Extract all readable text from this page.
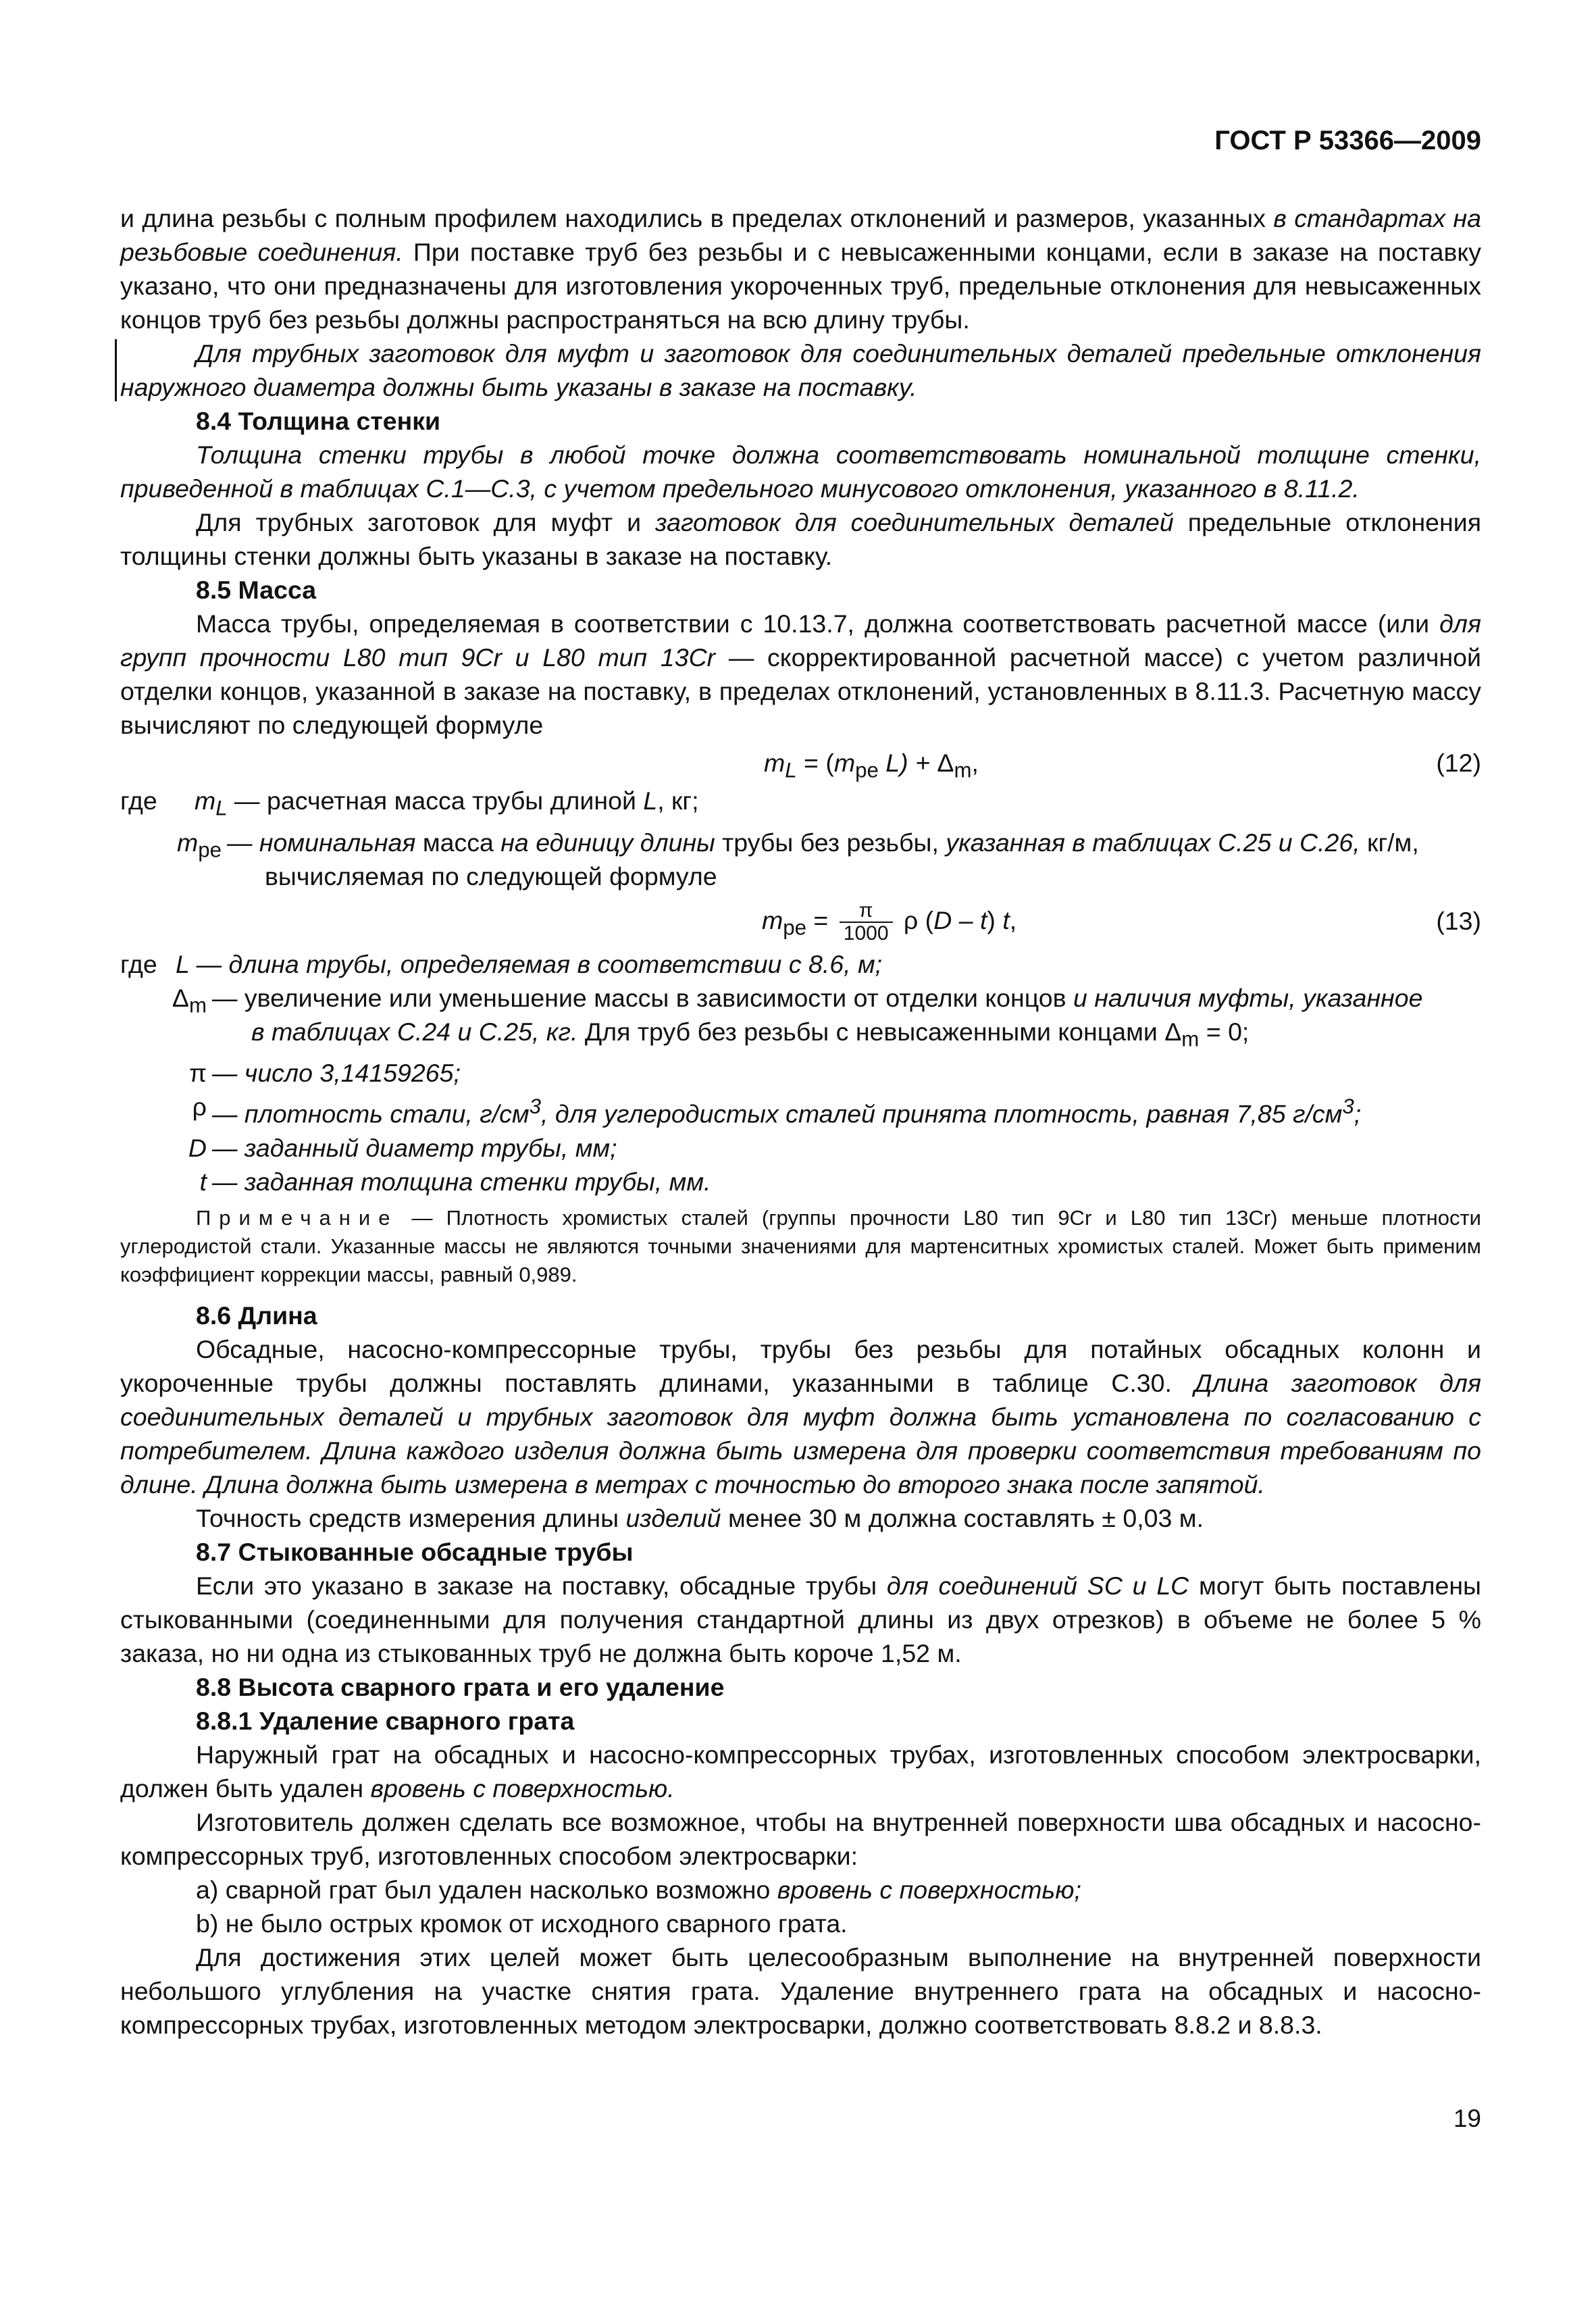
ГОСТ Р 53366—2009

и длина резьбы с полным профилем находились в пределах отклонений и размеров, указанных в стандартах на резьбовые соединения. При поставке труб без резьбы и с невысаженными концами, если в заказе на поставку указано, что они предназначены для изготовления укороченных труб, предельные отклонения для невысаженных концов труб без резьбы должны распространяться на всю длину трубы.

Для трубных заготовок для муфт и заготовок для соединительных деталей предельные отклонения наружного диаметра должны быть указаны в заказе на поставку.

8.4 Толщина стенки

Толщина стенки трубы в любой точке должна соответствовать номинальной толщине стенки, приведенной в таблицах С.1—С.3, с учетом предельного минусового отклонения, указанного в 8.11.2.

Для трубных заготовок для муфт и заготовок для соединительных деталей предельные отклонения толщины стенки должны быть указаны в заказе на поставку.

8.5 Масса

Масса трубы, определяемая в соответствии с 10.13.7, должна соответствовать расчетной массе (или для групп прочности L80 тип 9Cr и L80 тип 13Cr — скорректированной расчетной массе) с учетом различной отделки концов, указанной в заказе на поставку, в пределах отклонений, установленных в 8.11.3. Расчетную массу вычисляют по следующей формуле

$m_L = (m_{pe}$ $L) + \Delta_m$,	(12)

где $m_L$ — расчетная масса трубы длиной L, кг;

$m_{pe}$ — номинальная масса на единицу длины трубы без резьбы, указанная в таблицах С.25 и С.26, кг/м,
вычисляемая по следующей формуле
$m_{pe} = \frac{\pi}{1000}$ ρ (D – t) t,	(13)

где L — длина трубы, определяемая в соответствии с 8.6, м;

$\Delta_m$ — увеличение или уменьшение массы в зависимости от отделки концов и наличия муфты, указанное
в таблицах С.24 и С.25, кг. Для труб без резьбы с невысаженными концами $\Delta_m = 0$;
π — число 3,14159265;
ρ — плотность стали, $г/см^3$, для углеродистых сталей принята плотность, равная 7,85 $г/см^3$;
D — заданный диаметр трубы, мм;
t — заданная толщина стенки трубы, мм.

Примечание — Плотность хромистых сталей (группы прочности L80 тип 9Cr и L80 тип 13Cr) меньше плотности углеродистой стали. Указанные массы не являются точными значениями для мартенситных хромистых сталей. Может быть применим коэффициент коррекции массы, равный 0,989.

8.6 Длина

Обсадные, насосно-компрессорные трубы, трубы без резьбы для потайных обсадных колонн и укороченные трубы должны поставлять длинами, указанными в таблице С.30. Длина заготовок для соединительных деталей и трубных заготовок для муфт должна быть установлена по согласованию с потребителем. Длина каждого изделия должна быть измерена для проверки соответствия требованиям по длине. Длина должна быть измерена в метрах с точностью до второго знака после запятой.

Точность средств измерения длины изделий менее 30 м должна составлять ± 0,03 м.

8.7 Стыкованные обсадные трубы

Если это указано в заказе на поставку, обсадные трубы для соединений SC и LC могут быть поставлены стыкованными (соединенными для получения стандартной длины из двух отрезков) в объеме не более 5 % заказа, но ни одна из стыкованных труб не должна быть короче 1,52 м.

8.8 Высота сварного грата и его удаление

8.8.1 Удаление сварного грата

Наружный грат на обсадных и насосно-компрессорных трубах, изготовленных способом электросварки, должен быть удален вровень с поверхностью.

Изготовитель должен сделать все возможное, чтобы на внутренней поверхности шва обсадных и насосно-компрессорных труб, изготовленных способом электросварки:

а) сварной грат был удален насколько возможно вровень с поверхностью;

b) не было острых кромок от исходного сварного грата.

Для достижения этих целей может быть целесообразным выполнение на внутренней поверхности небольшого углубления на участке снятия грата. Удаление внутреннего грата на обсадных и насосно-компрессорных трубах, изготовленных методом электросварки, должно соответствовать 8.8.2 и 8.8.3.

19
